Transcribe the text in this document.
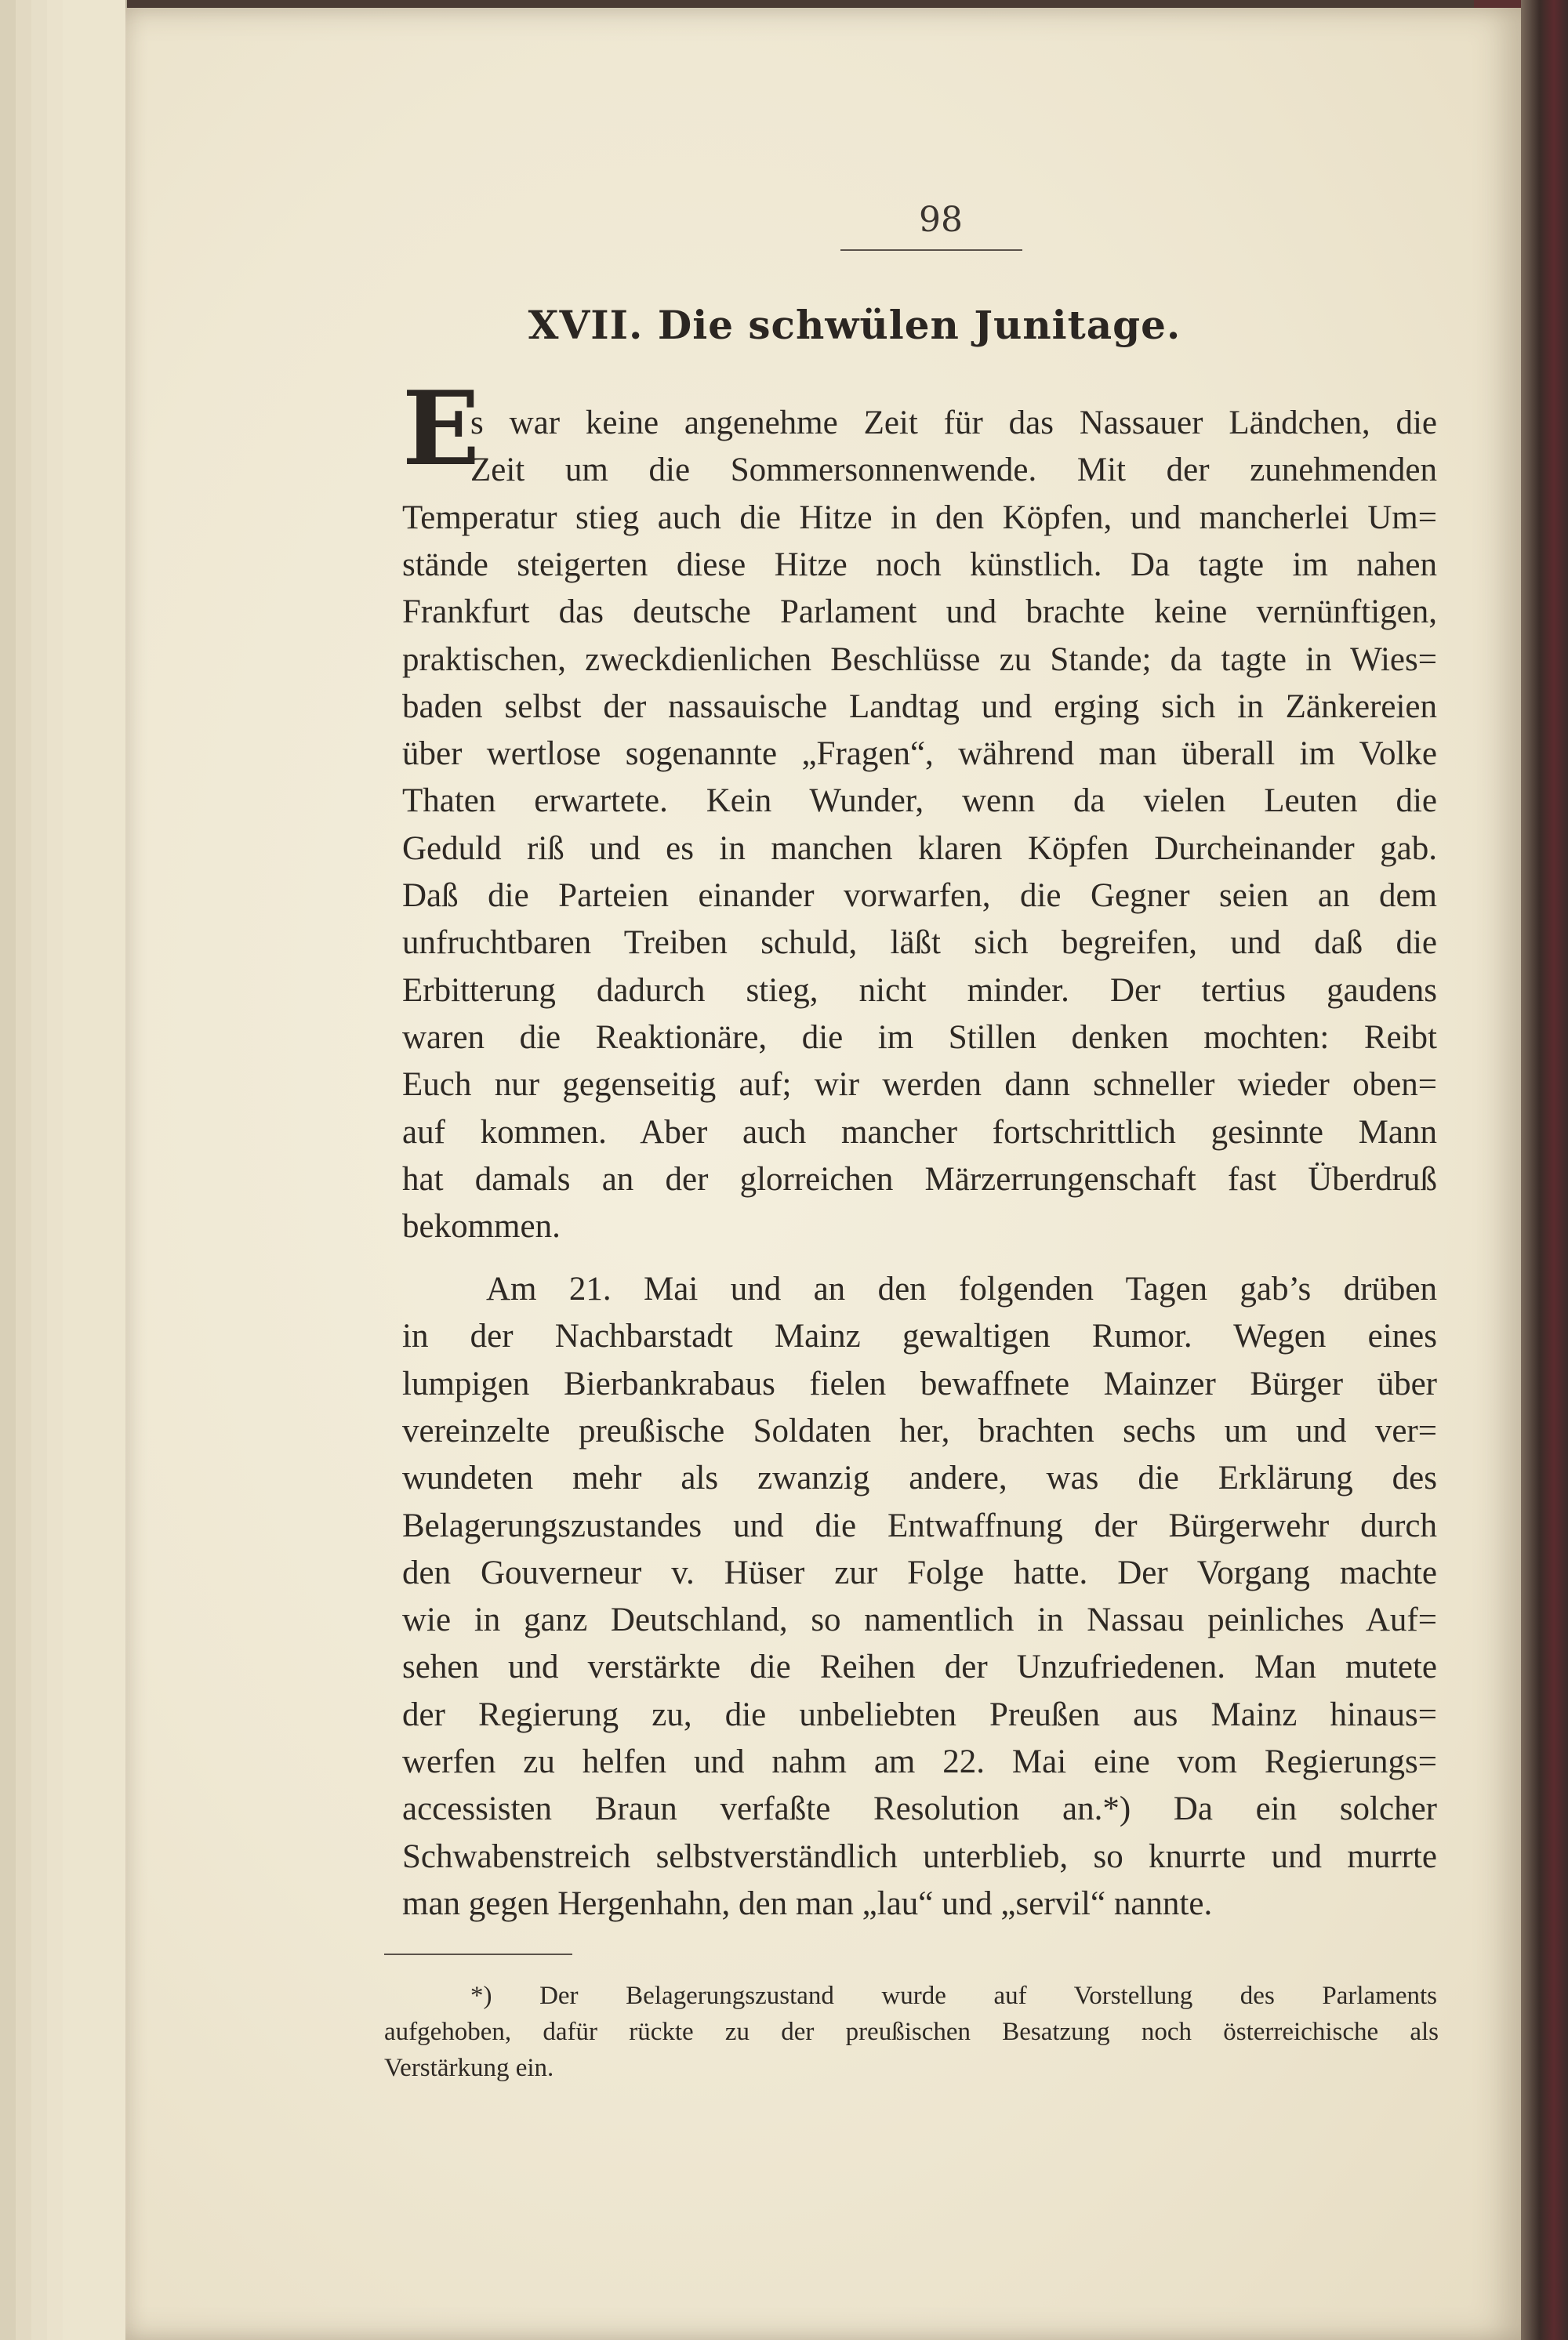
98
XVII. Die schwülen Junitage.
E
s war keine angenehme Zeit für das Nassauer Ländchen, die
Zeit um die Sommersonnenwende. Mit der zunehmenden
Temperatur stieg auch die Hitze in den Köpfen, und mancherlei Um=
stände steigerten diese Hitze noch künstlich. Da tagte im nahen
Frankfurt das deutsche Parlament und brachte keine vernünftigen,
praktischen, zweckdienlichen Beschlüsse zu Stande; da tagte in Wies=
baden selbst der nassauische Landtag und erging sich in Zänkereien
über wertlose sogenannte „Fragen“, während man überall im Volke
Thaten erwartete. Kein Wunder, wenn da vielen Leuten die
Geduld riß und es in manchen klaren Köpfen Durcheinander gab.
Daß die Parteien einander vorwarfen, die Gegner seien an dem
unfruchtbaren Treiben schuld, läßt sich begreifen, und daß die
Erbitterung dadurch stieg, nicht minder. Der tertius gaudens
waren die Reaktionäre, die im Stillen denken mochten: Reibt
Euch nur gegenseitig auf; wir werden dann schneller wieder oben=
auf kommen. Aber auch mancher fortschrittlich gesinnte Mann
hat damals an der glorreichen Märzerrungenschaft fast Überdruß
bekommen.
Am 21. Mai und an den folgenden Tagen gab’s drüben
in der Nachbarstadt Mainz gewaltigen Rumor. Wegen eines
lumpigen Bierbankrabaus fielen bewaffnete Mainzer Bürger über
vereinzelte preußische Soldaten her, brachten sechs um und ver=
wundeten mehr als zwanzig andere, was die Erklärung des
Belagerungszustandes und die Entwaffnung der Bürgerwehr durch
den Gouverneur v. Hüser zur Folge hatte. Der Vorgang machte
wie in ganz Deutschland, so namentlich in Nassau peinliches Auf=
sehen und verstärkte die Reihen der Unzufriedenen. Man mutete
der Regierung zu, die unbeliebten Preußen aus Mainz hinaus=
werfen zu helfen und nahm am 22. Mai eine vom Regierungs=
accessisten Braun verfaßte Resolution an.*) Da ein solcher
Schwabenstreich selbstverständlich unterblieb, so knurrte und murrte
man gegen Hergenhahn, den man „lau“ und „servil“ nannte.
*) Der Belagerungszustand wurde auf Vorstellung des Parlaments
aufgehoben, dafür rückte zu der preußischen Besatzung noch österreichische als
Verstärkung ein.
